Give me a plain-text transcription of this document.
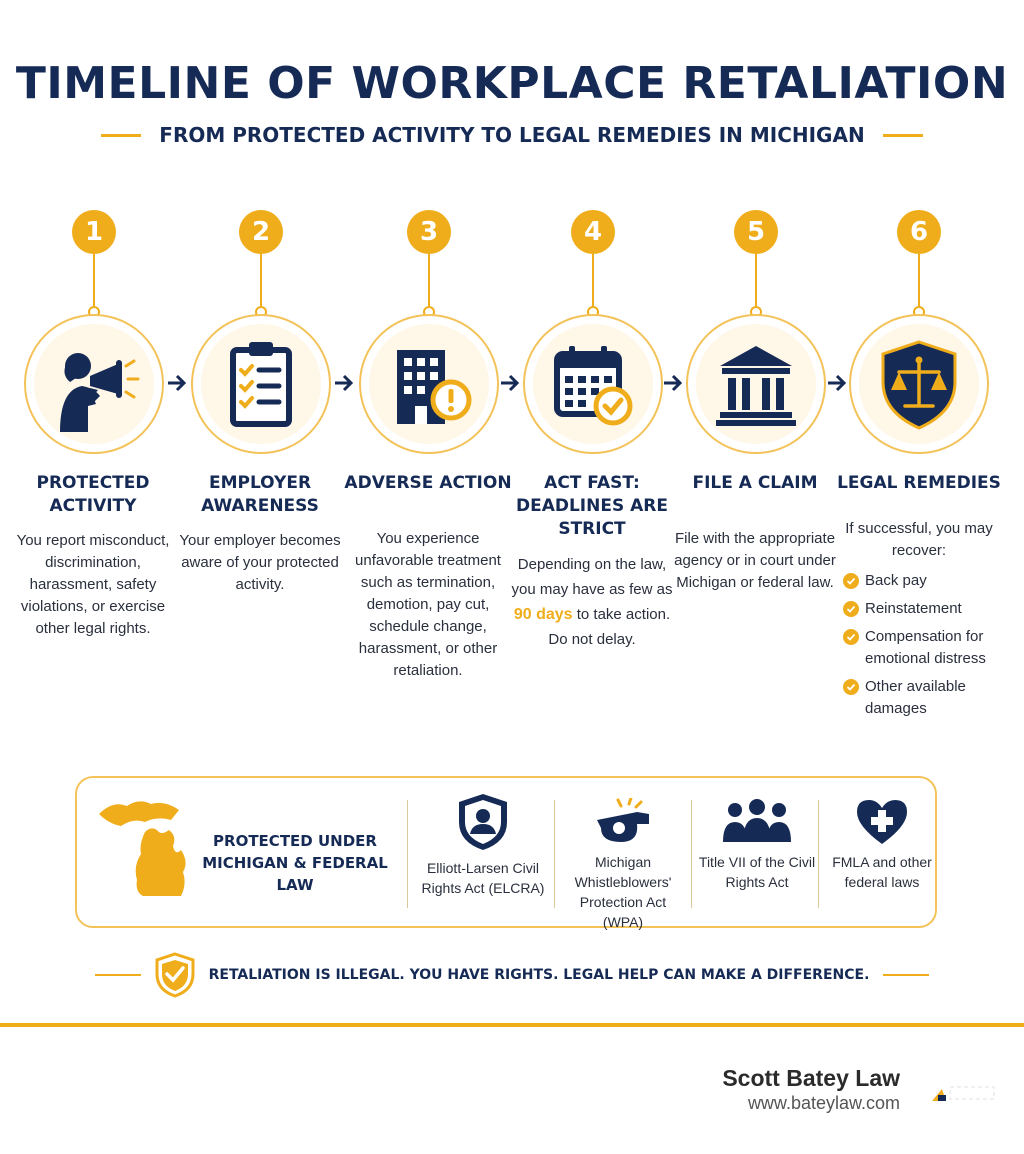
TIMELINE OF WORKPLACE RETALIATION
FROM PROTECTED ACTIVITY TO LEGAL REMEDIES IN MICHIGAN
1
PROTECTED ACTIVITY
You report misconduct, discrimination, harassment, safety violations, or exercise other legal rights.
2
EMPLOYER AWARENESS
Your employer becomes aware of your protected activity.
3
ADVERSE ACTION
You experience unfavorable treatment such as termination, demotion, pay cut, schedule change, harassment, or other retaliation.
4
ACT FAST: DEADLINES ARE STRICT
Depending on the law, you may have as few as 90 days to take action. Do not delay.
5
FILE A CLAIM
File with the appropriate agency or in court under Michigan or federal law.
6
LEGAL REMEDIES
If successful, you may recover:
Back pay
Reinstatement
Compensation for emotional distress
Other available damages
PROTECTED UNDER MICHIGAN & FEDERAL LAW
Elliott-Larsen Civil Rights Act (ELCRA)
Michigan Whistleblowers' Protection Act (WPA)
Title VII of the Civil Rights Act
FMLA and other federal laws
RETALIATION IS ILLEGAL. YOU HAVE RIGHTS. LEGAL HELP CAN MAKE A DIFFERENCE.
Scott Batey Law
www.bateylaw.com
